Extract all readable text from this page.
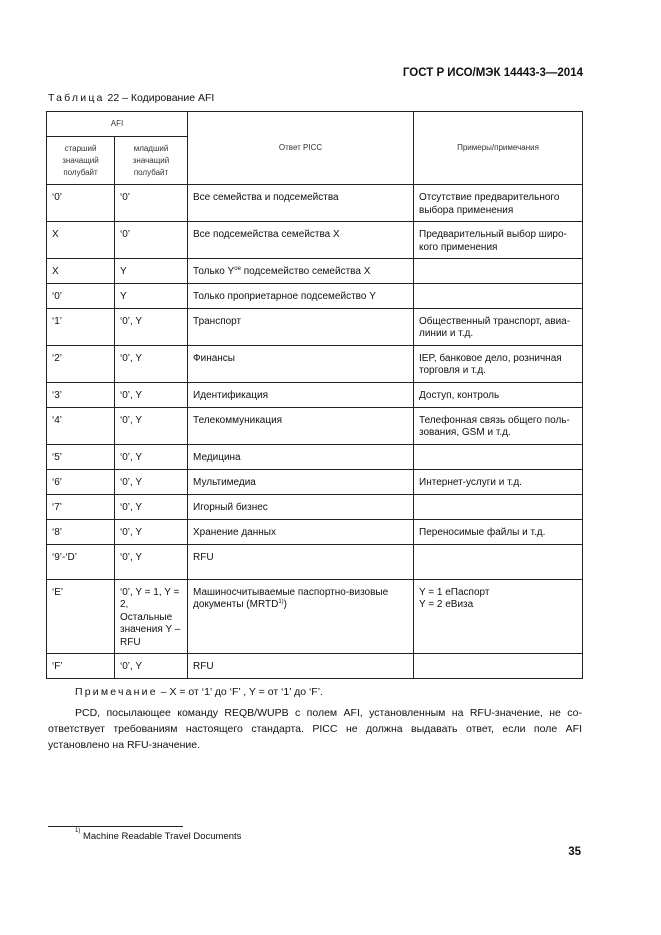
ГОСТ Р ИСО/МЭК 14443-3—2014
Таблица 22 – Кодирование AFI
AFI		Ответ PICC	Примеры/примечания
старший значащий полубайт	младший значащий полубайт		
‘0’	‘0’	Все семейства и подсемейства	Отсутствие предварительного выбора применения
X	‘0’	Все подсемейства семейства X	Предварительный выбор широ-кого применения
X	Y	Только $Y^{ое}$ подсемейство семейства X	
‘0’	Y	Только проприетарное подсемейство Y	
‘1’	‘0’, Y	Транспорт	Общественный транспорт, авиа-линии и т.д.
‘2’	‘0’, Y	Финансы	IEP, банковое дело, розничная торговля и т.д.
‘3’	‘0’, Y	Идентификация	Доступ, контроль
‘4’	‘0’, Y	Телекоммуникация	Телефонная связь общего поль-зования, GSM и т.д.
‘5’	‘0’, Y	Медицина	
‘6’	‘0’, Y	Мультимедиа	Интернет-услуги и т.д.
‘7’	‘0’, Y	Игорный бизнес	
‘8’	‘0’, Y	Хранение данных	Переносимые файлы и т.д.
‘9’-‘D’	‘0’, Y	RFU	
‘E’	‘0’, Y = 1, Y = 2, Остальные значения Y – RFU	Машиносчитываемые паспортно-визовые документы (MRTD$^{1)}$)	Y = 1 еПаспорт
Y = 2 еВиза

‘F’	‘0’, Y	RFU	
Примечание – X = от ‘1’ до ‘F’ , Y = от ‘1’ до ‘F’.
PCD, посылающее команду REQB/WUPB с полем AFI, установленным на RFU-значение, не со-ответствует требованиям настоящего стандарта. PICC не должна выдавать ответ, если поле AFI установлено на RFU-значение.
$^{1)}$ Machine Readable Travel Documents
35
